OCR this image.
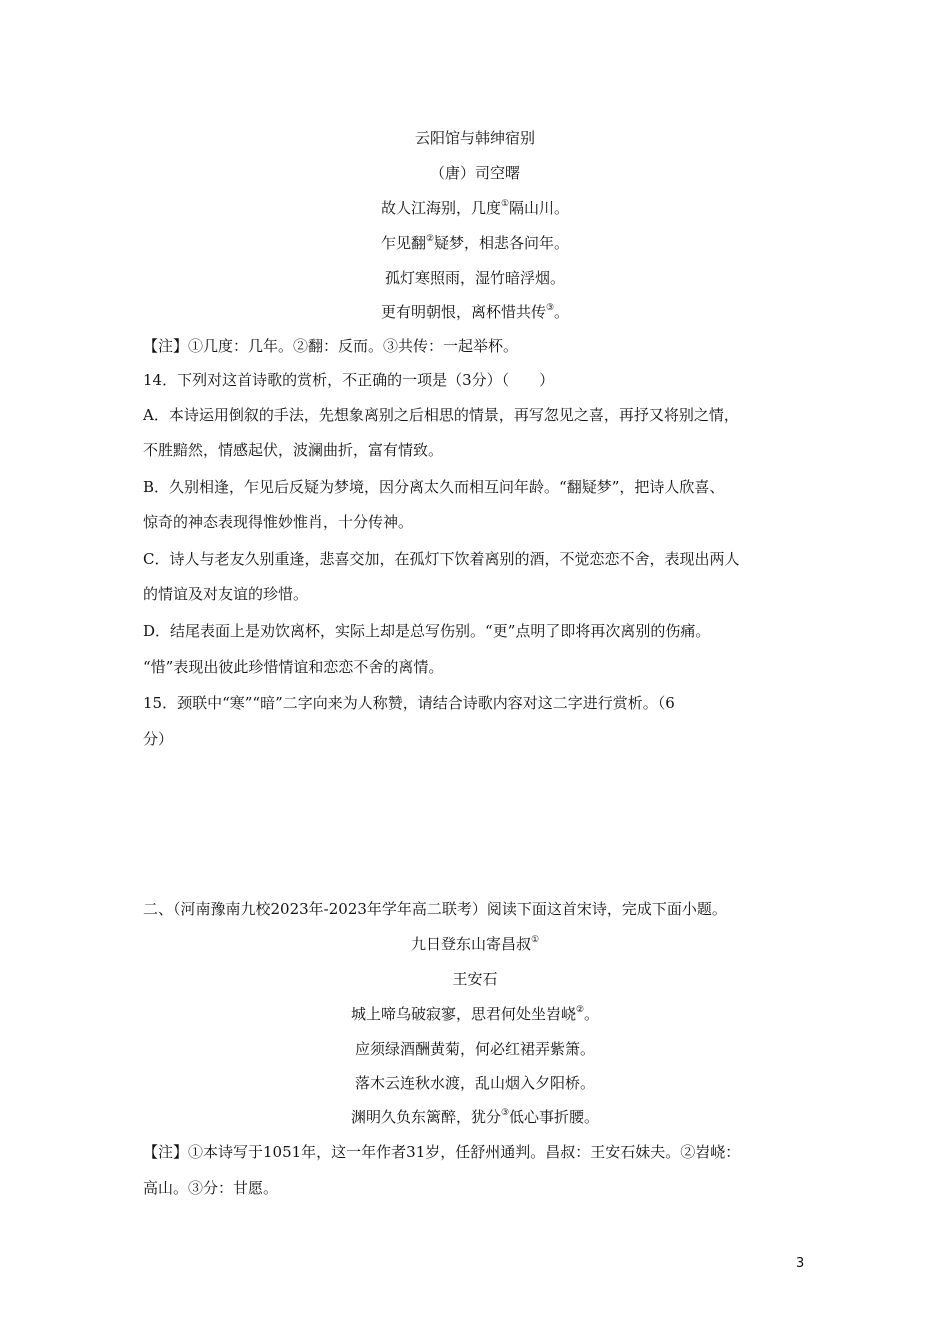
云阳馆与韩绅宿别
（唐）司空曙
故人江海别，几度①隔山川。
乍见翻②疑梦，相悲各问年。
孤灯寒照雨，湿竹暗浮烟。
更有明朝恨，离杯惜共传③。
【注】①几度：几年。②翻：反而。③共传：一起举杯。
14．下列对这首诗歌的赏析，不正确的一项是（3分）（　　）
A．本诗运用倒叙的手法，先想象离别之后相思的情景，再写忽见之喜，再抒又将别之情，
不胜黯然，情感起伏，波澜曲折，富有情致。
B．久别相逢，乍见后反疑为梦境，因分离太久而相互问年龄。“翻疑梦”，把诗人欣喜、
惊奇的神态表现得惟妙惟肖，十分传神。
C．诗人与老友久别重逢，悲喜交加，在孤灯下饮着离别的酒，不觉恋恋不舍，表现出两人
的情谊及对友谊的珍惜。
D．结尾表面上是劝饮离杯，实际上却是总写伤别。“更”点明了即将再次离别的伤痛。
“惜”表现出彼此珍惜情谊和恋恋不舍的离情。
15．颈联中“寒”“暗”二字向来为人称赞，请结合诗歌内容对这二字进行赏析。（6
分）
二、（河南豫南九校2023年-2023年学年高二联考）阅读下面这首宋诗，完成下面小题。
九日登东山寄昌叔①
王安石
城上啼乌破寂寥，思君何处坐岧峣②。
应须绿酒酬黄菊，何必红裙弄紫箫。
落木云连秋水渡，乱山烟入夕阳桥。
渊明久负东篱醉，犹分③低心事折腰。
【注】①本诗写于1051年，这一年作者31岁，任舒州通判。昌叔：王安石妹夫。②岧峣：
高山。③分：甘愿。
3
